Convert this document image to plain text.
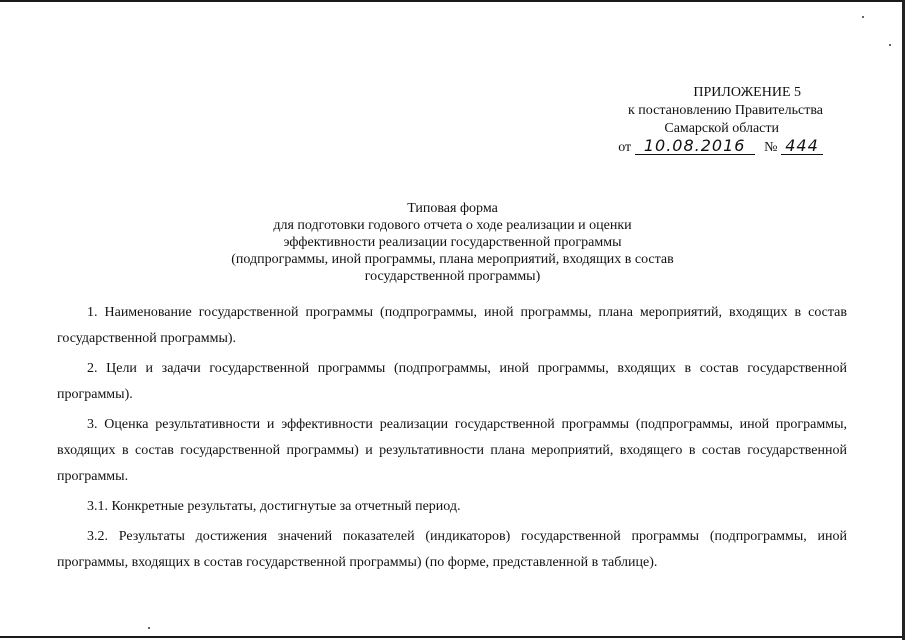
ПРИЛОЖЕНИЕ 5
к постановлению Правительства
Самарской области
от 10.08.2016 № 444
Типовая форма
для подготовки годового отчета о ходе реализации и оценки
эффективности реализации государственной программы
(подпрограммы, иной программы, плана мероприятий, входящих в состав
государственной программы)

1. Наименование государственной программы (подпрограммы, иной программы, плана мероприятий, входящих в состав государственной программы).

2. Цели и задачи государственной программы (подпрограммы, иной программы, входящих в состав государственной программы).

3. Оценка результативности и эффективности реализации государственной программы (подпрограммы, иной программы, входящих в состав государственной программы) и результативности плана мероприятий, входящего в состав государственной программы.

3.1. Конкретные результаты, достигнутые за отчетный период.

3.2. Результаты достижения значений показателей (индикаторов) государственной программы (подпрограммы, иной программы, входящих в состав государственной программы) (по форме, представленной в таблице).
